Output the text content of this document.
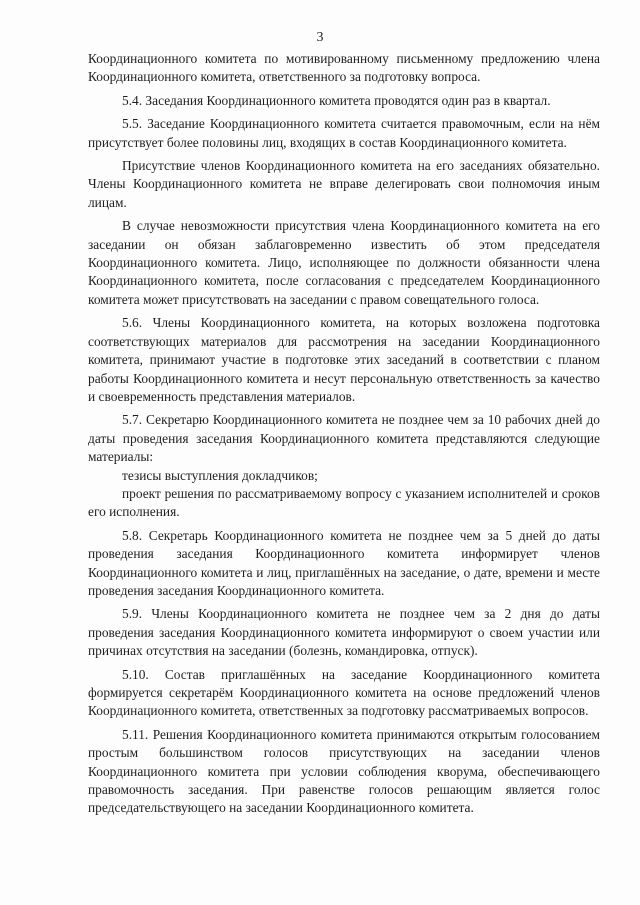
3

Координационного комитета по мотивированному письменному предложению члена Координационного комитета, ответственного за подготовку вопроса.

5.4. Заседания Координационного комитета проводятся один раз в квартал.

5.5. Заседание Координационного комитета считается правомочным, если на нём присутствует более половины лиц, входящих в состав Координационного комитета.

Присутствие членов Координационного комитета на его заседаниях обязательно. Члены Координационного комитета не вправе делегировать свои полномочия иным лицам.

В случае невозможности присутствия члена Координационного комитета на его заседании он обязан заблаговременно известить об этом председателя Координационного комитета. Лицо, исполняющее по должности обязанности члена Координационного комитета, после согласования с председателем Координационного комитета может присутствовать на заседании с правом совещательного голоса.

5.6. Члены Координационного комитета, на которых возложена подготовка соответствующих материалов для рассмотрения на заседании Координационного комитета, принимают участие в подготовке этих заседаний в соответствии с планом работы Координационного комитета и несут персональную ответственность за качество и своевременность представления материалов.

5.7. Секретарю Координационного комитета не позднее чем за 10 рабочих дней до даты проведения заседания Координационного комитета представляются следующие материалы:

тезисы выступления докладчиков;

проект решения по рассматриваемому вопросу с указанием исполнителей и сроков его исполнения.

5.8. Секретарь Координационного комитета не позднее чем за 5 дней до даты проведения заседания Координационного комитета информирует членов Координационного комитета и лиц, приглашённых на заседание, о дате, времени и месте проведения заседания Координационного комитета.

5.9. Члены Координационного комитета не позднее чем за 2 дня до даты проведения заседания Координационного комитета информируют о своем участии или причинах отсутствия на заседании (болезнь, командировка, отпуск).

5.10. Состав приглашённых на заседание Координационного комитета формируется секретарём Координационного комитета на основе предложений членов Координационного комитета, ответственных за подготовку рассматриваемых вопросов.

5.11. Решения Координационного комитета принимаются открытым голосованием простым большинством голосов присутствующих на заседании членов Координационного комитета при условии соблюдения кворума, обеспечивающего правомочность заседания. При равенстве голосов решающим является голос председательствующего на заседании Координационного комитета.
